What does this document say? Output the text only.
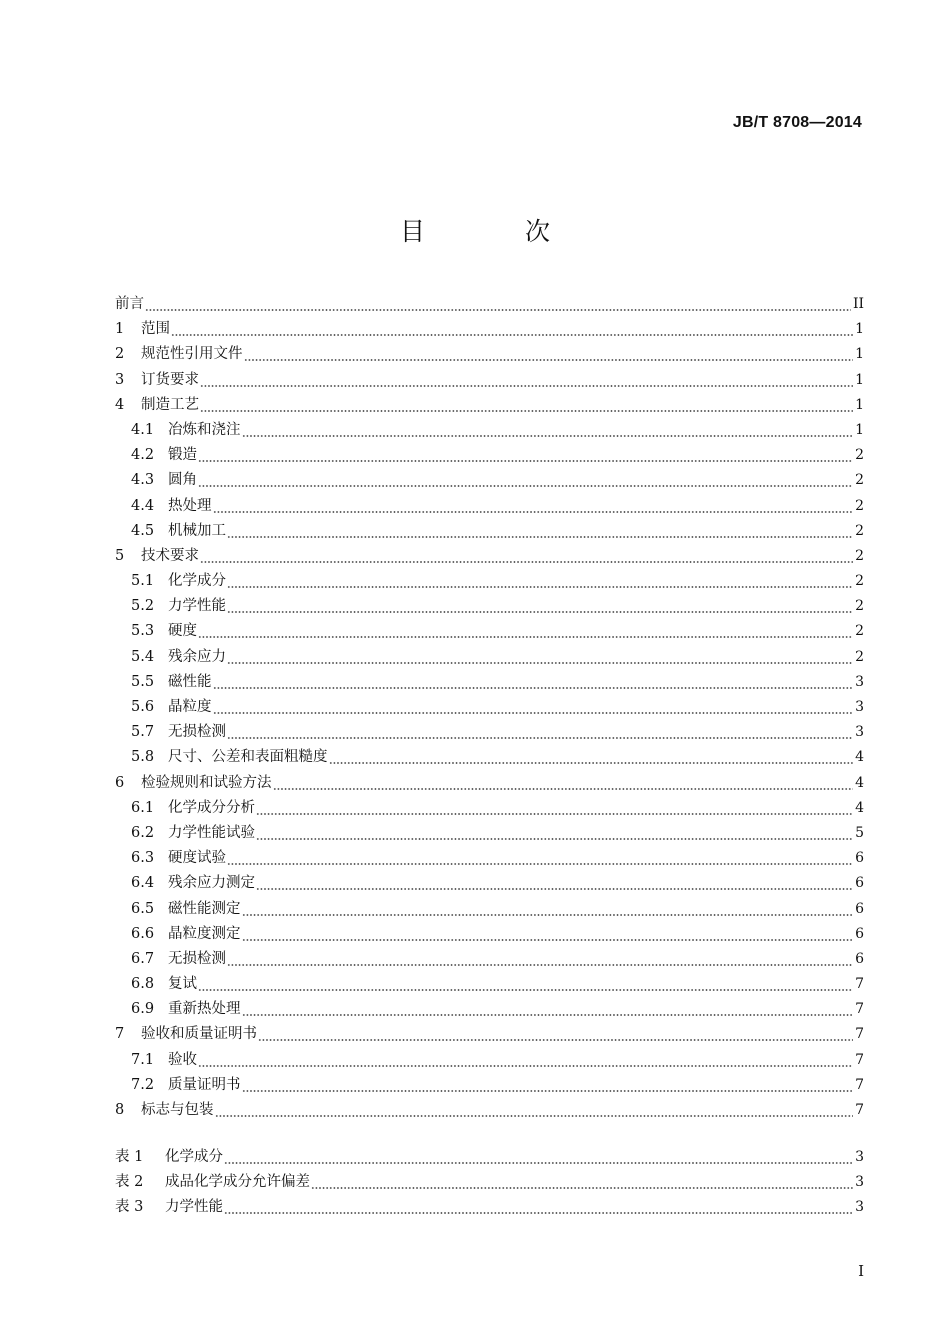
JB/T 8708—2014
目 次
前言	II
1	范围	1
2	规范性引用文件	1
3	订货要求	1
4	制造工艺	1
4.1 冶炼和浇注	1
4.2 锻造	2
4.3 圆角	2
4.4 热处理	2
4.5 机械加工	2
5	技术要求	2
5.1 化学成分	2
5.2 力学性能	2
5.3 硬度	2
5.4 残余应力	2
5.5 磁性能	3
5.6 晶粒度	3
5.7 无损检测	3
5.8 尺寸、公差和表面粗糙度	4
6	检验规则和试验方法	4
6.1 化学成分分析	4
6.2 力学性能试验	5
6.3 硬度试验	6
6.4 残余应力测定	6
6.5 磁性能测定	6
6.6 晶粒度测定	6
6.7 无损检测	6
6.8 复试	7
6.9 重新热处理	7
7	验收和质量证明书	7
7.1 验收	7
7.2 质量证明书	7
8	标志与包装	7
表 1	化学成分	3
表 2	成品化学成分允许偏差	3
表 3	力学性能	3
I
